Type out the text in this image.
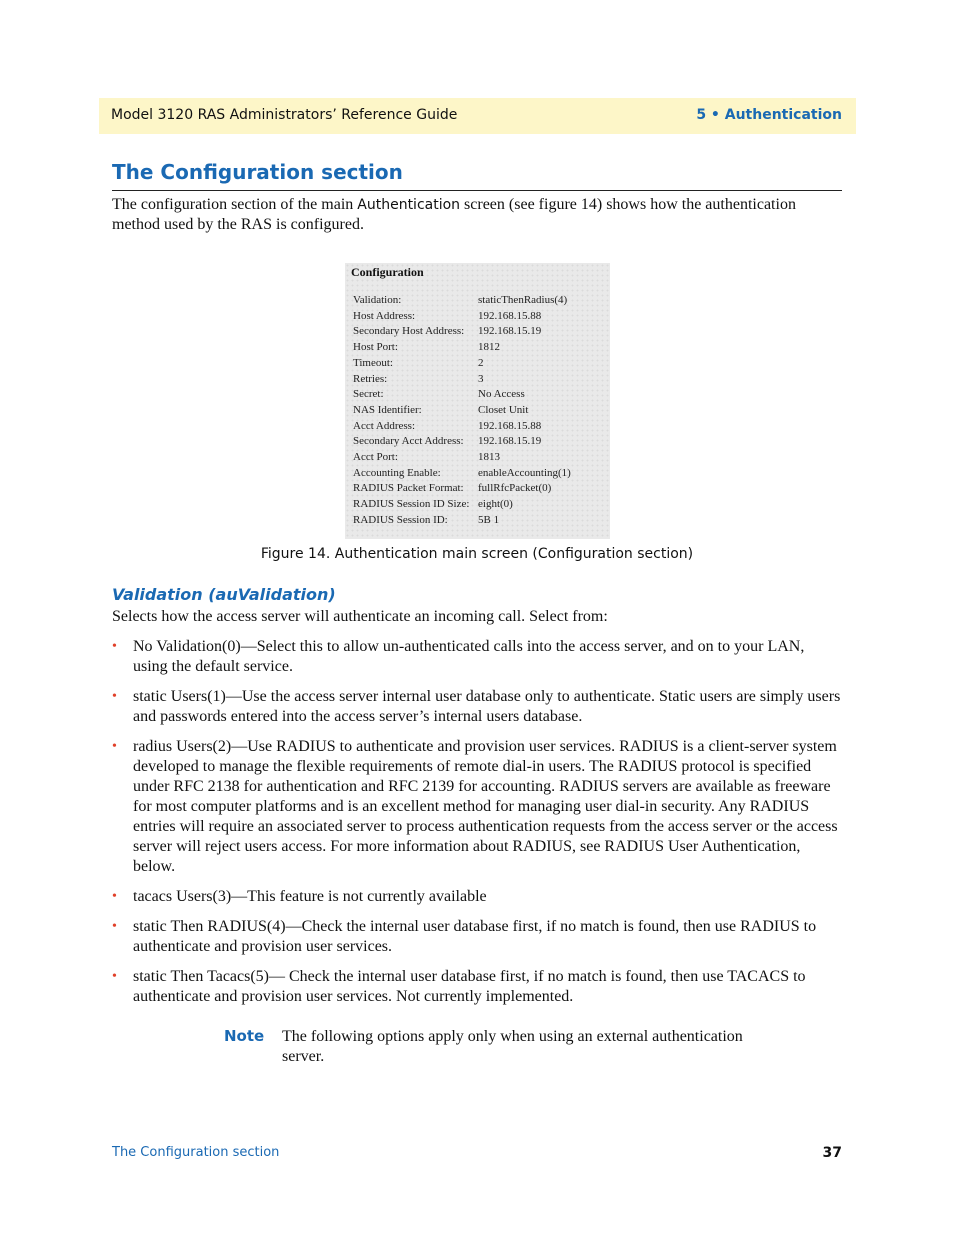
Model 3120 RAS Administrators’ Reference Guide	5 • Authentication
The Configuration section

The configuration section of the main Authentication screen (see figure 14) shows how the authentication method used by the RAS is configured.

Configuration
Validation:	staticThenRadius(4)
Host Address:	192.168.15.88
Secondary Host Address: 192.168.15.19
Host Port:	1812
Timeout:	2
Retries:	3
Secret:	No Access
NAS Identifier:	Closet Unit
Acct Address:	192.168.15.88
Secondary Acct Address: 192.168.15.19
Acct Port:	1813
Accounting Enable:	enableAccounting(1)
RADIUS Packet Format: fullRfcPacket(0)
RADIUS Session ID Size: eight(0)
RADIUS Session ID:	5B 1
Figure 14. Authentication main screen (Configuration section)
Validation (auValidation)

Selects how the access server will authenticate an incoming call. Select from:

• No Validation(0)—Select this to allow un-authenticated calls into the access server, and on to your LAN, using the default service.
• static Users(1)—Use the access server internal user database only to authenticate. Static users are simply users and passwords entered into the access server’s internal users database.
• radius Users(2)—Use RADIUS to authenticate and provision user services. RADIUS is a client-server system developed to manage the flexible requirements of remote dial-in users. The RADIUS protocol is specified under RFC 2138 for authentication and RFC 2139 for accounting. RADIUS servers are available as freeware for most computer platforms and is an excellent method for managing user dial-in security. Any RADIUS entries will require an associated server to process authentication requests from the access server or the access server will reject users access. For more information about RADIUS, see RADIUS User Authentication, below.
• tacacs Users(3)—This feature is not currently available
• static Then RADIUS(4)—Check the internal user database first, if no match is found, then use RADIUS to authenticate and provision user services.
• static Then Tacacs(5)— Check the internal user database first, if no match is found, then use TACACS to authenticate and provision user services. Not currently implemented.
Note The following options apply only when using an external authentication server.

The Configuration section	37
